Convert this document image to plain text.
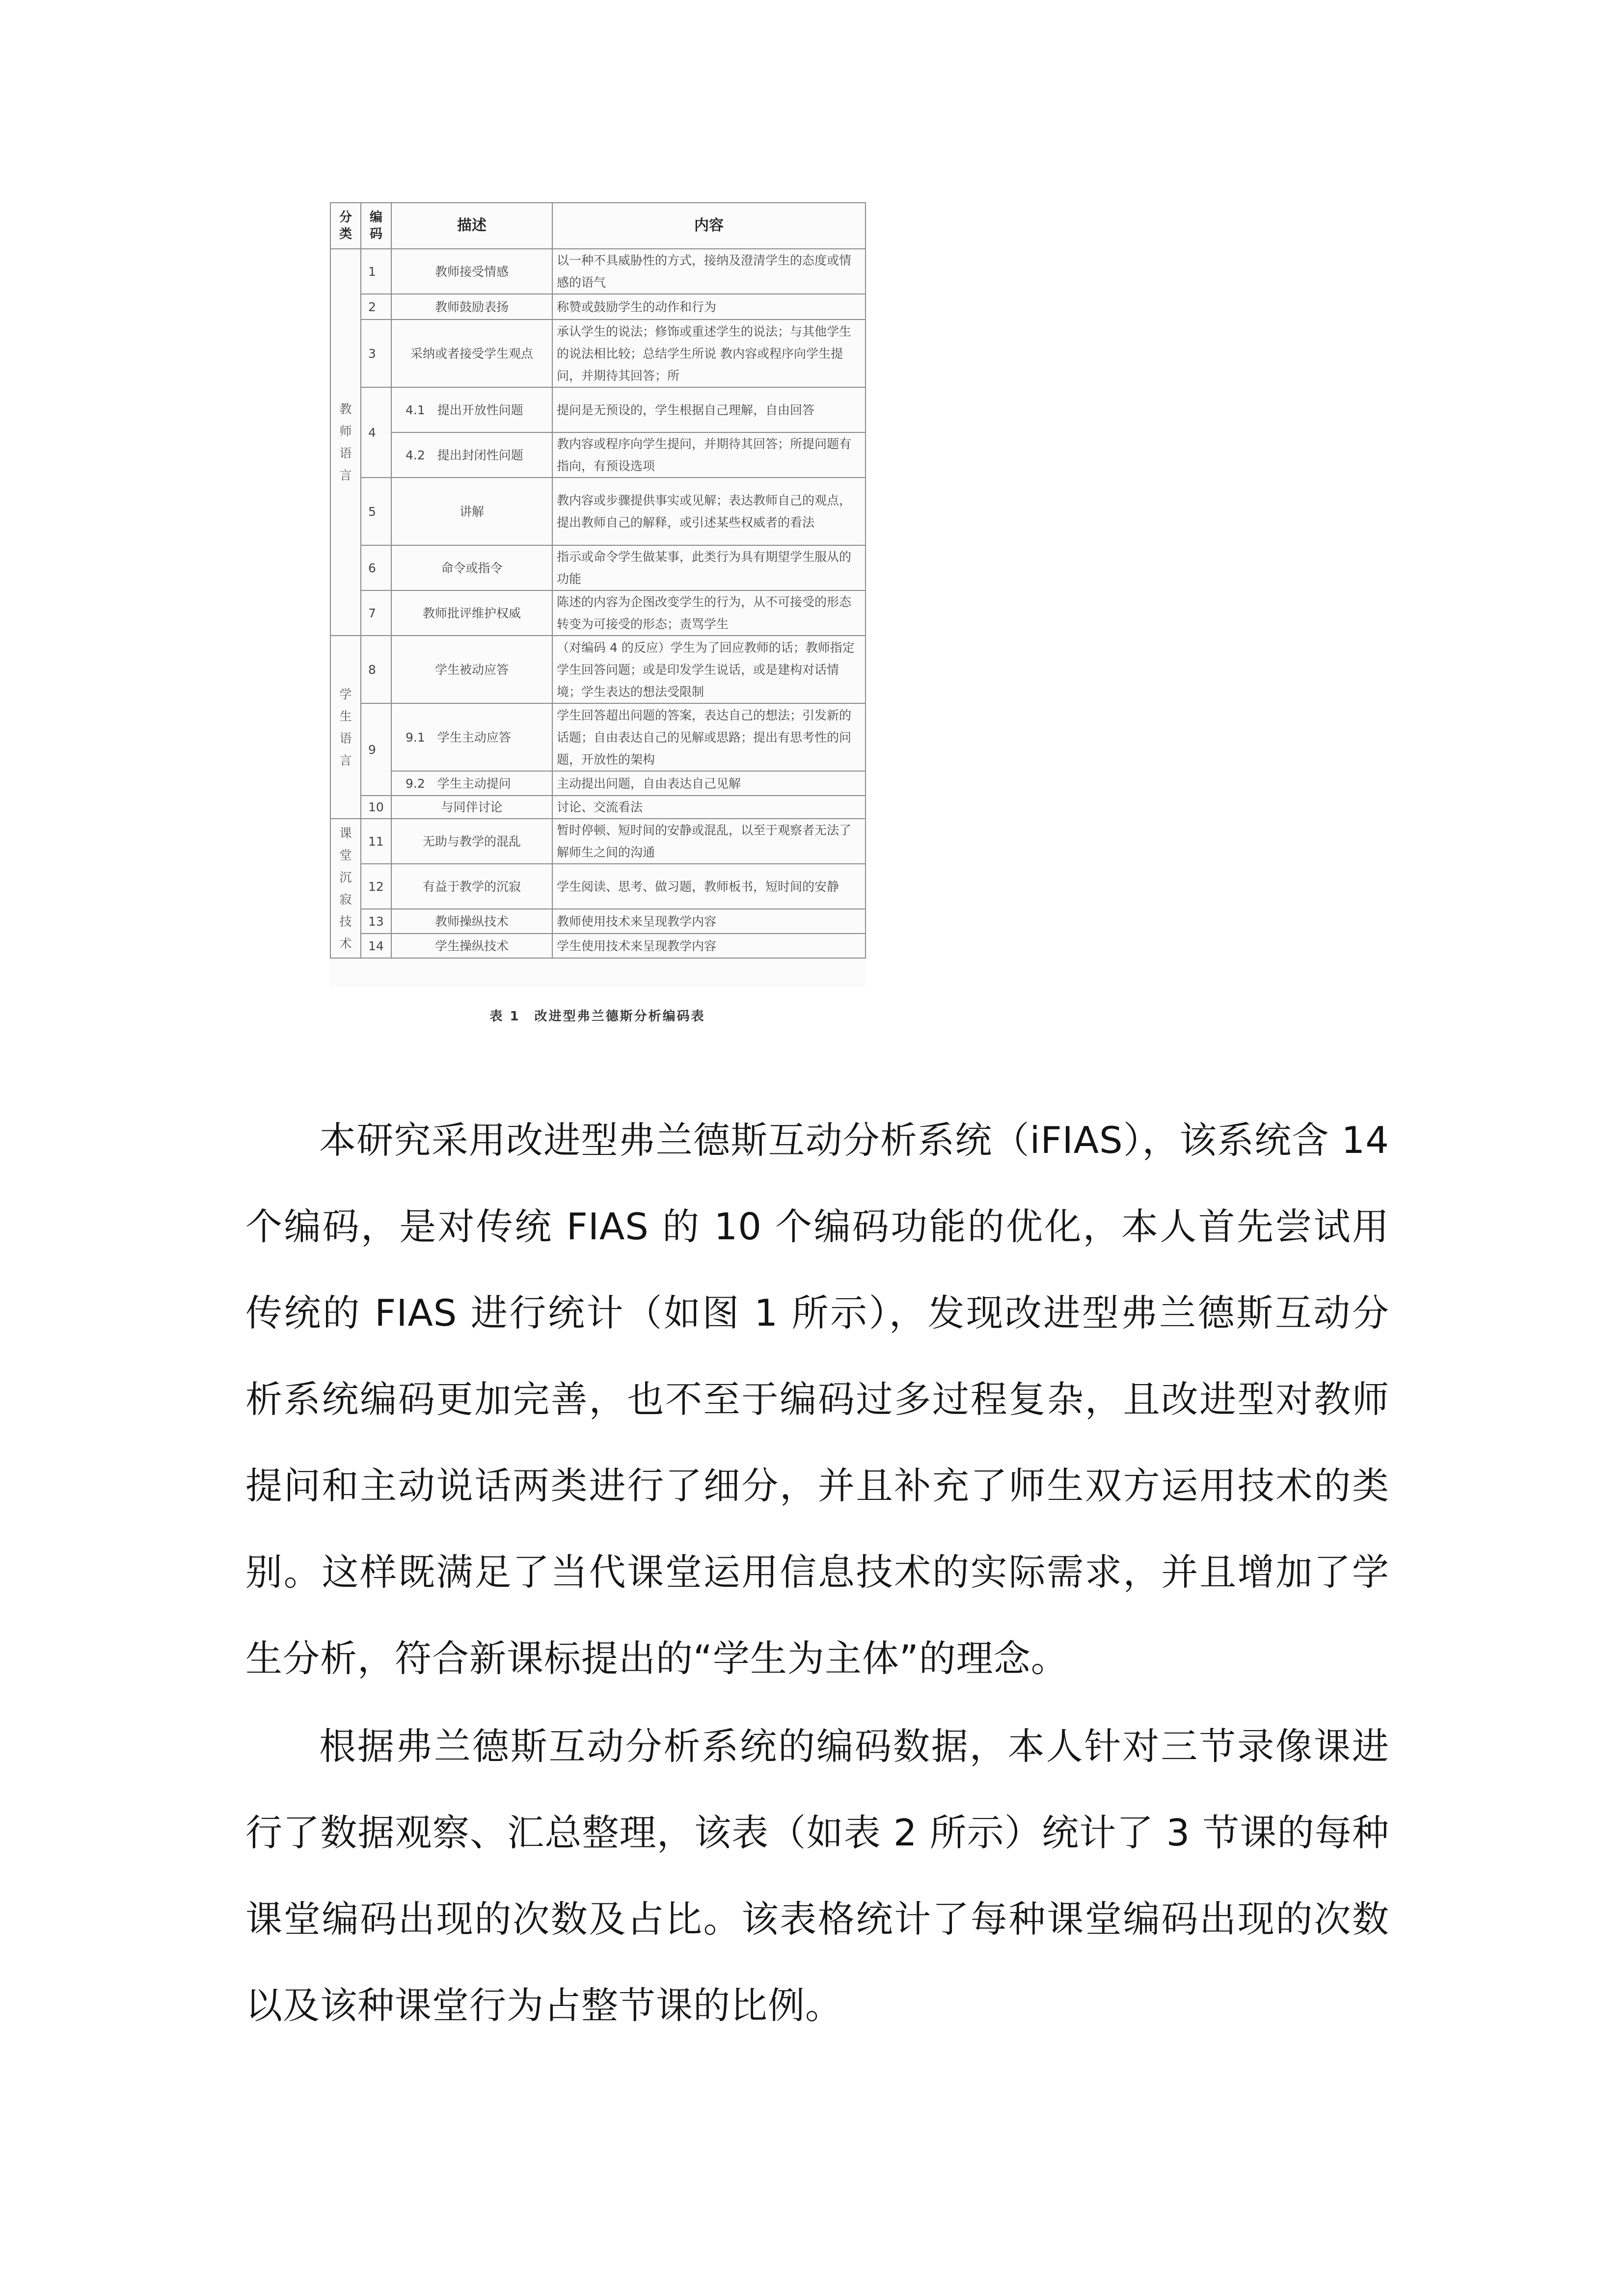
分类	编码	描述	内容
教师语言	1	教师接受情感	以一种不具威胁性的方式，接纳及澄清学生的态度或情感的语气
	2	教师鼓励表扬	称赞或鼓励学生的动作和行为
	3	采纳或者接受学生观点	承认学生的说法；修饰或重述学生的说法；与其他学生的说法相比较；总结学生所说 教内容或程序向学生提问，并期待其回答；所
	4	4.1　提出开放性问题	提问是无预设的，学生根据自己理解，自由回答
		4.2　提出封闭性问题	教内容或程序向学生提问，并期待其回答；所提问题有指向，有预设选项
	5	讲解	教内容或步骤提供事实或见解；表达教师自己的观点，提出教师自己的解释，或引述某些权威者的看法
	6	命令或指令	指示或命令学生做某事，此类行为具有期望学生服从的功能
	7	教师批评维护权威	陈述的内容为企图改变学生的行为，从不可接受的形态转变为可接受的形态；责骂学生
学生语言	8	学生被动应答	（对编码 4 的反应）学生为了回应教师的话；教师指定学生回答问题；或是印发学生说话，或是建构对话情境；学生表达的想法受限制
	9	9.1　学生主动应答	学生回答超出问题的答案，表达自己的想法；引发新的话题；自由表达自己的见解或思路；提出有思考性的问题，开放性的架构
		9.2　学生主动提问	主动提出问题，自由表达自己见解
	10	与同伴讨论	讨论、交流看法
课堂沉寂技术	11	无助与教学的混乱	暂时停顿、短时间的安静或混乱，以至于观察者无法了解师生之间的沟通
	12	有益于教学的沉寂	学生阅读、思考、做习题，教师板书，短时间的安静
	13	教师操纵技术	教师使用技术来呈现教学内容
	14	学生操纵技术	学生使用技术来呈现教学内容
表 1　改进型弗兰德斯分析编码表

本研究采用改进型弗兰德斯互动分析系统（iFIAS），该系统含 14 个编码，是对传统 FIAS 的 10 个编码功能的优化，本人首先尝试用传统的 FIAS 进行统计（如图 1 所示），发现改进型弗兰德斯互动分析系统编码更加完善，也不至于编码过多过程复杂，且改进型对教师提问和主动说话两类进行了细分，并且补充了师生双方运用技术的类别。这样既满足了当代课堂运用信息技术的实际需求，并且增加了学生分析，符合新课标提出的“学生为主体”的理念。

根据弗兰德斯互动分析系统的编码数据，本人针对三节录像课进行了数据观察、汇总整理，该表（如表 2 所示）统计了 3 节课的每种课堂编码出现的次数及占比。该表格统计了每种课堂编码出现的次数以及该种课堂行为占整节课的比例。
